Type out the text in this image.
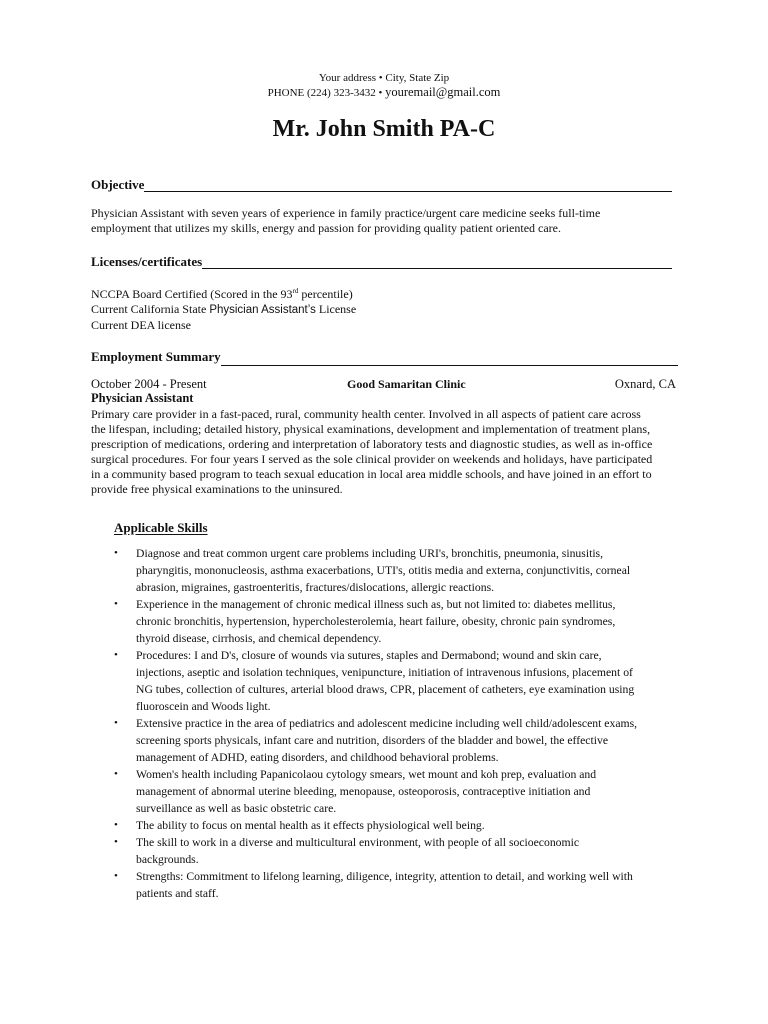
Your address • City, State Zip
PHONE (224) 323-3432 • youremail@gmail.com
Mr. John Smith PA-C
Objective
Physician Assistant with seven years of experience in family practice/urgent care medicine seeks full-time
employment that utilizes my skills, energy and passion for providing quality patient oriented care.
Licenses/certificates
NCCPA Board Certified (Scored in the 93rd percentile)
Current California State Physician Assistant’s License
Current DEA license
Employment Summary
October 2004 - Present	Good Samaritan Clinic	Oxnard, CA
Physician Assistant
Primary care provider in a fast-paced, rural, community health center. Involved in all aspects of patient care across
the lifespan, including; detailed history, physical examinations, development and implementation of treatment plans,
prescription of medications, ordering and interpretation of laboratory tests and diagnostic studies, as well as in-office
surgical procedures. For four years I served as the sole clinical provider on weekends and holidays, have participated
in a community based program to teach sexual education in local area middle schools, and have joined in an effort to
provide free physical examinations to the uninsured.
Applicable Skills
• Diagnose and treat common urgent care problems including URI's, bronchitis, pneumonia, sinusitis,
pharyngitis, mononucleosis, asthma exacerbations, UTI's, otitis media and externa, conjunctivitis, corneal
abrasion, migraines, gastroenteritis, fractures/dislocations, allergic reactions.
• Experience in the management of chronic medical illness such as, but not limited to: diabetes mellitus,
chronic bronchitis, hypertension, hypercholesterolemia, heart failure, obesity, chronic pain syndromes,
thyroid disease, cirrhosis, and chemical dependency.
• Procedures: I and D's, closure of wounds via sutures, staples and Dermabond; wound and skin care,
injections, aseptic and isolation techniques, venipuncture, initiation of intravenous infusions, placement of
NG tubes, collection of cultures, arterial blood draws, CPR, placement of catheters, eye examination using
fluoroscein and Woods light.
• Extensive practice in the area of pediatrics and adolescent medicine including well child/adolescent exams,
screening sports physicals, infant care and nutrition, disorders of the bladder and bowel, the effective
management of ADHD, eating disorders, and childhood behavioral problems.
• Women's health including Papanicolaou cytology smears, wet mount and koh prep, evaluation and
management of abnormal uterine bleeding, menopause, osteoporosis, contraceptive initiation and
surveillance as well as basic obstetric care.
• The ability to focus on mental health as it effects physiological well being.
• The skill to work in a diverse and multicultural environment, with people of all socioeconomic
backgrounds.
• Strengths: Commitment to lifelong learning, diligence, integrity, attention to detail, and working well with
patients and staff.
